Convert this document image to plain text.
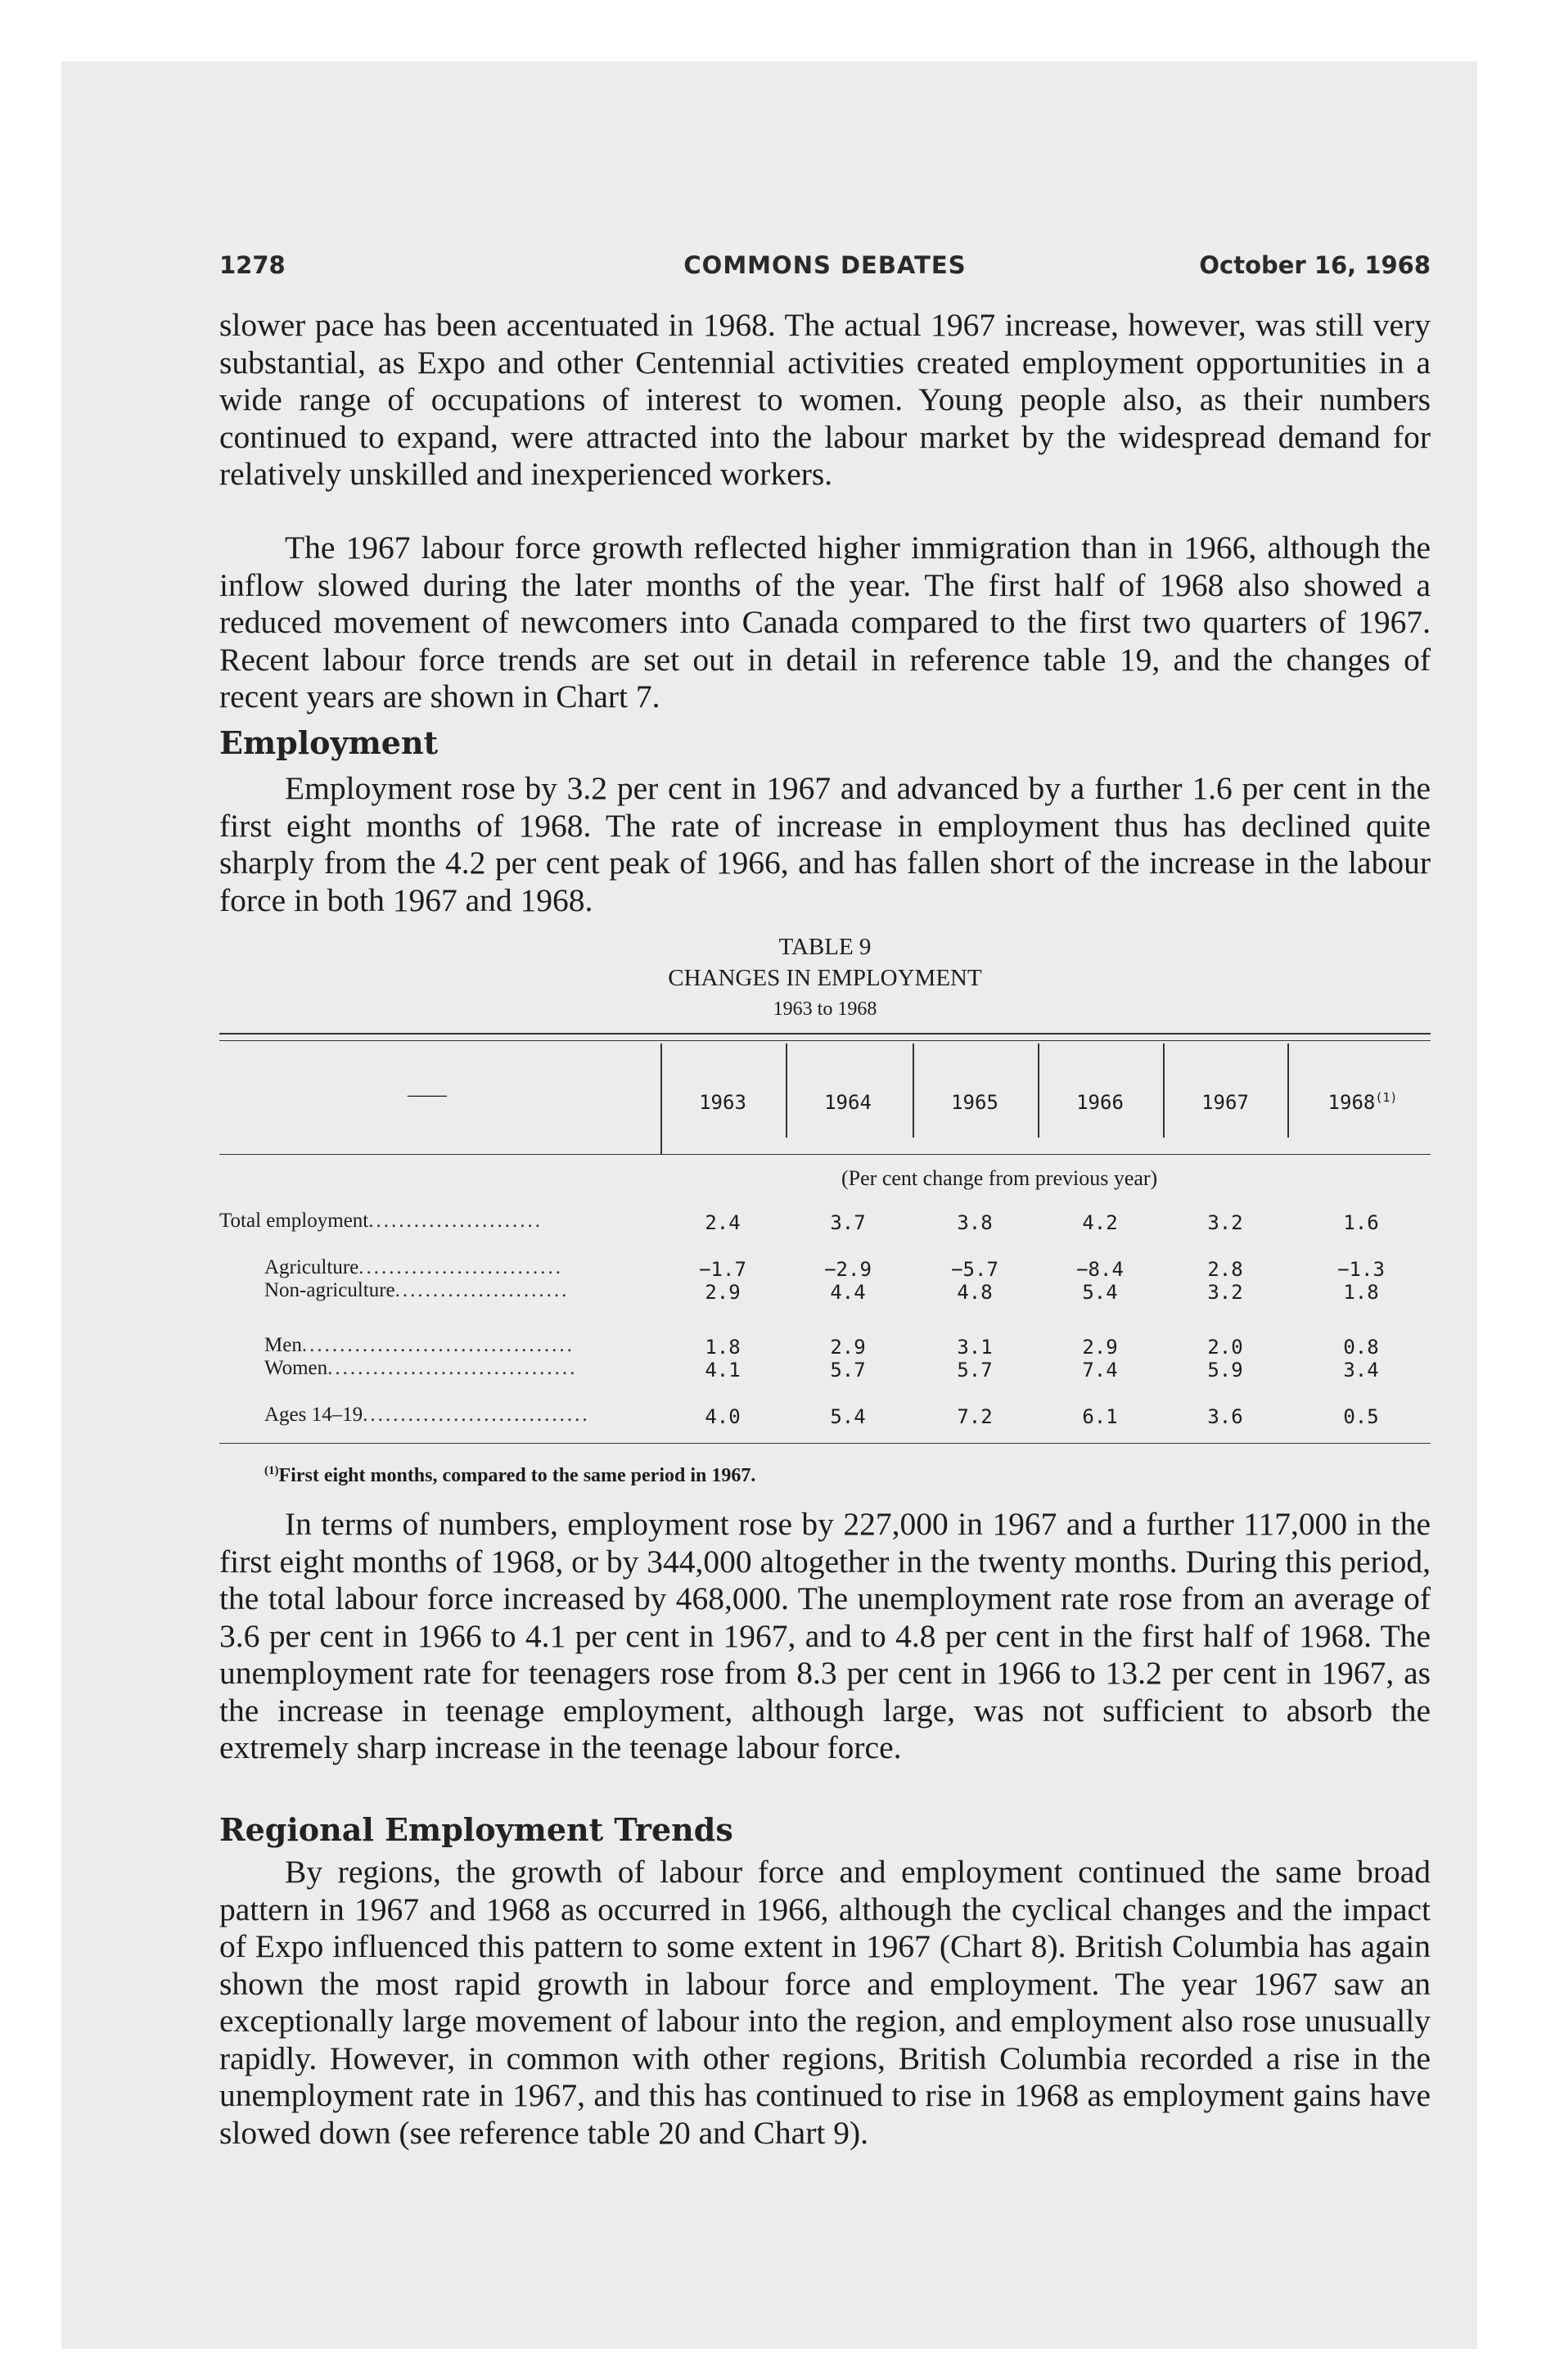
1278	COMMONS DEBATES	October 16, 1968

slower pace has been accentuated in 1968. The actual 1967 increase, however, was still very substantial, as Expo and other Centennial activities created employment opportunities in a wide range of occupations of interest to women. Young people also, as their numbers continued to expand, were attracted into the labour market by the widespread demand for relatively unskilled and inexperienced workers.

The 1967 labour force growth reflected higher immigration than in 1966, although the inflow slowed during the later months of the year. The first half of 1968 also showed a reduced movement of newcomers into Canada compared to the first two quarters of 1967. Recent labour force trends are set out in detail in reference table 19, and the changes of recent years are shown in Chart 7.

Employment

Employment rose by 3.2 per cent in 1967 and advanced by a further 1.6 per cent in the first eight months of 1968. The rate of increase in employment thus has declined quite sharply from the 4.2 per cent peak of 1966, and has fallen short of the increase in the labour force in both 1967 and 1968.

TABLE 9
CHANGES IN EMPLOYMENT
1963 to 1968
——	1963	1964	1965	1966	1967	1968$^{(1)}$
(Per cent change from previous year)
Total employment.......................	2.4	3.7	3.8	4.2	3.2	1.6
Agriculture...........................	−1.7	−2.9	−5.7	−8.4	2.8	−1.3
Non-agriculture.......................	2.9	4.4	4.8	5.4	3.2	1.8
Men....................................	1.8	2.9	3.1	2.9	2.0	0.8
Women.................................	4.1	5.7	5.7	7.4	5.9	3.4
Ages 14–19..............................	4.0	5.4	7.2	6.1	3.6	0.5
$^{(1)}$First eight months, compared to the same period in 1967.

In terms of numbers, employment rose by 227,000 in 1967 and a further 117,000 in the first eight months of 1968, or by 344,000 altogether in the twenty months. During this period, the total labour force increased by 468,000. The unemployment rate rose from an average of 3.6 per cent in 1966 to 4.1 per cent in 1967, and to 4.8 per cent in the first half of 1968. The unemployment rate for teenagers rose from 8.3 per cent in 1966 to 13.2 per cent in 1967, as the increase in teenage employment, although large, was not sufficient to absorb the extremely sharp increase in the teenage labour force.

Regional Employment Trends

By regions, the growth of labour force and employment continued the same broad pattern in 1967 and 1968 as occurred in 1966, although the cyclical changes and the impact of Expo influenced this pattern to some extent in 1967 (Chart 8). British Columbia has again shown the most rapid growth in labour force and employment. The year 1967 saw an exceptionally large movement of labour into the region, and employment also rose unusually rapidly. However, in common with other regions, British Columbia recorded a rise in the unemployment rate in 1967, and this has continued to rise in 1968 as employment gains have slowed down (see reference table 20 and Chart 9).
